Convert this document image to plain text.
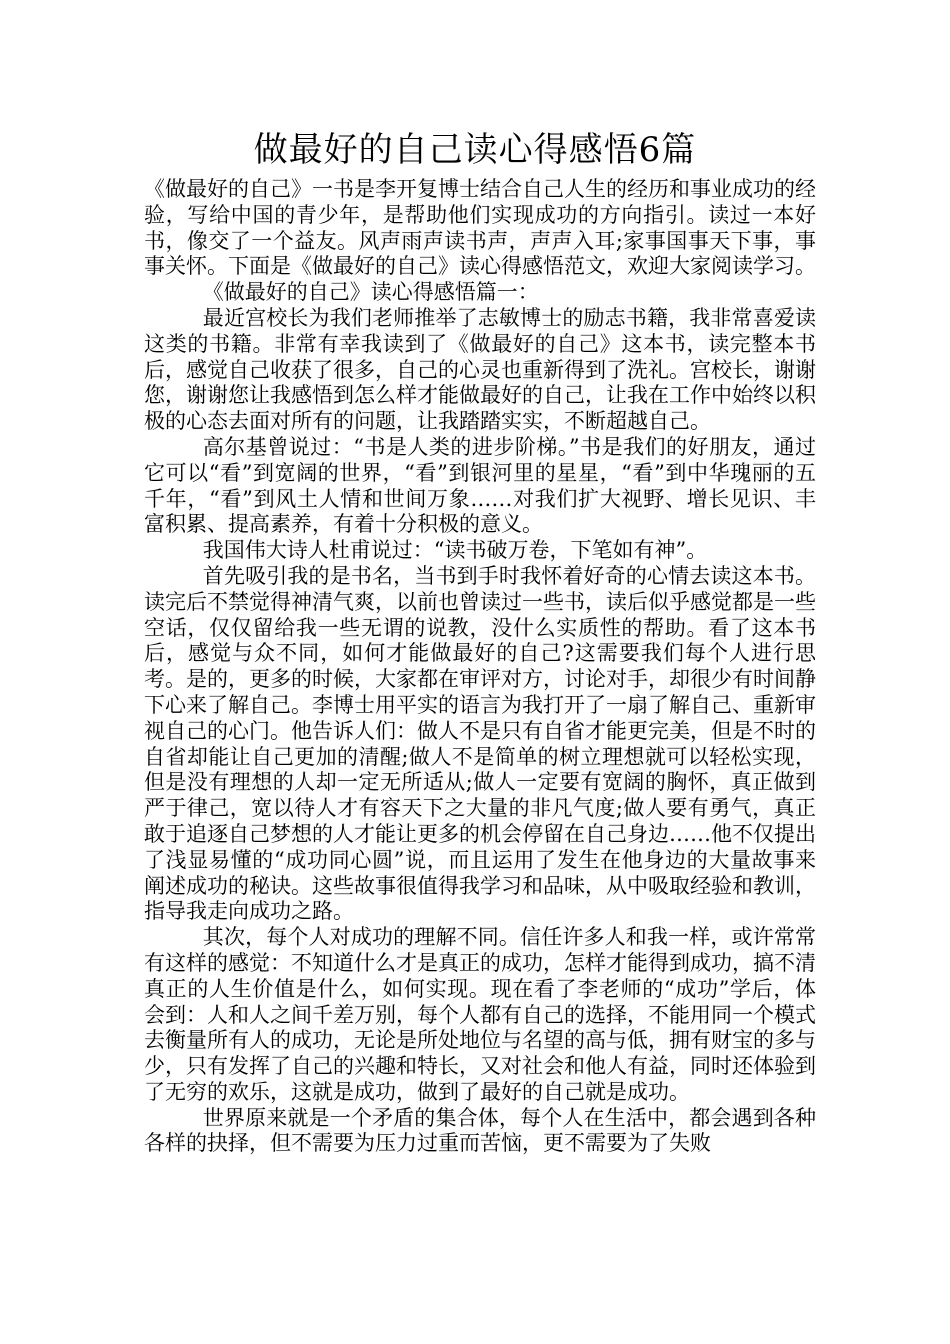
做最好的自己读心得感悟6篇

《做最好的自己》一书是李开复博士结合自己人生的经历和事业成功的经验，写给中国的青少年，是帮助他们实现成功的方向指引。读过一本好书，像交了一个益友。风声雨声读书声，声声入耳;家事国事天下事，事事关怀。下面是《做最好的自己》读心得感悟范文，欢迎大家阅读学习。

《做最好的自己》读心得感悟篇一：

最近宫校长为我们老师推举了志敏博士的励志书籍，我非常喜爱读这类的书籍。非常有幸我读到了《做最好的自己》这本书，读完整本书后，感觉自己收获了很多，自己的心灵也重新得到了洗礼。宫校长，谢谢您，谢谢您让我感悟到怎么样才能做最好的自己，让我在工作中始终以积极的心态去面对所有的问题，让我踏踏实实，不断超越自己。

高尔基曾说过：“书是人类的进步阶梯。”书是我们的好朋友，通过它可以“看”到宽阔的世界，“看”到银河里的星星，“看”到中华瑰丽的五千年，“看”到风土人情和世间万象……对我们扩大视野、增长见识、丰富积累、提高素养，有着十分积极的意义。

我国伟大诗人杜甫说过：“读书破万卷，下笔如有神”。

首先吸引我的是书名，当书到手时我怀着好奇的心情去读这本书。读完后不禁觉得神清气爽，以前也曾读过一些书，读后似乎感觉都是一些空话，仅仅留给我一些无谓的说教，没什么实质性的帮助。看了这本书后，感觉与众不同，如何才能做最好的自己?这需要我们每个人进行思考。是的，更多的时候，大家都在审评对方，讨论对手，却很少有时间静下心来了解自己。李博士用平实的语言为我打开了一扇了解自己、重新审视自己的心门。他告诉人们：做人不是只有自省才能更完美，但是不时的自省却能让自己更加的清醒;做人不是简单的树立理想就可以轻松实现，但是没有理想的人却一定无所适从;做人一定要有宽阔的胸怀，真正做到严于律己，宽以待人才有容天下之大量的非凡气度;做人要有勇气，真正敢于追逐自己梦想的人才能让更多的机会停留在自己身边……他不仅提出了浅显易懂的“成功同心圆”说，而且运用了发生在他身边的大量故事来阐述成功的秘诀。这些故事很值得我学习和品味，从中吸取经验和教训，指导我走向成功之路。

其次，每个人对成功的理解不同。信任许多人和我一样，或许常常有这样的感觉：不知道什么才是真正的成功，怎样才能得到成功，搞不清真正的人生价值是什么，如何实现。现在看了李老师的“成功”学后，体会到：人和人之间千差万别，每个人都有自己的选择，不能用同一个模式去衡量所有人的成功，无论是所处地位与名望的高与低，拥有财宝的多与少，只有发挥了自己的兴趣和特长，又对社会和他人有益，同时还体验到了无穷的欢乐，这就是成功，做到了最好的自己就是成功。

世界原来就是一个矛盾的集合体，每个人在生活中，都会遇到各种各样的抉择，但不需要为压力过重而苦恼，更不需要为了失败
